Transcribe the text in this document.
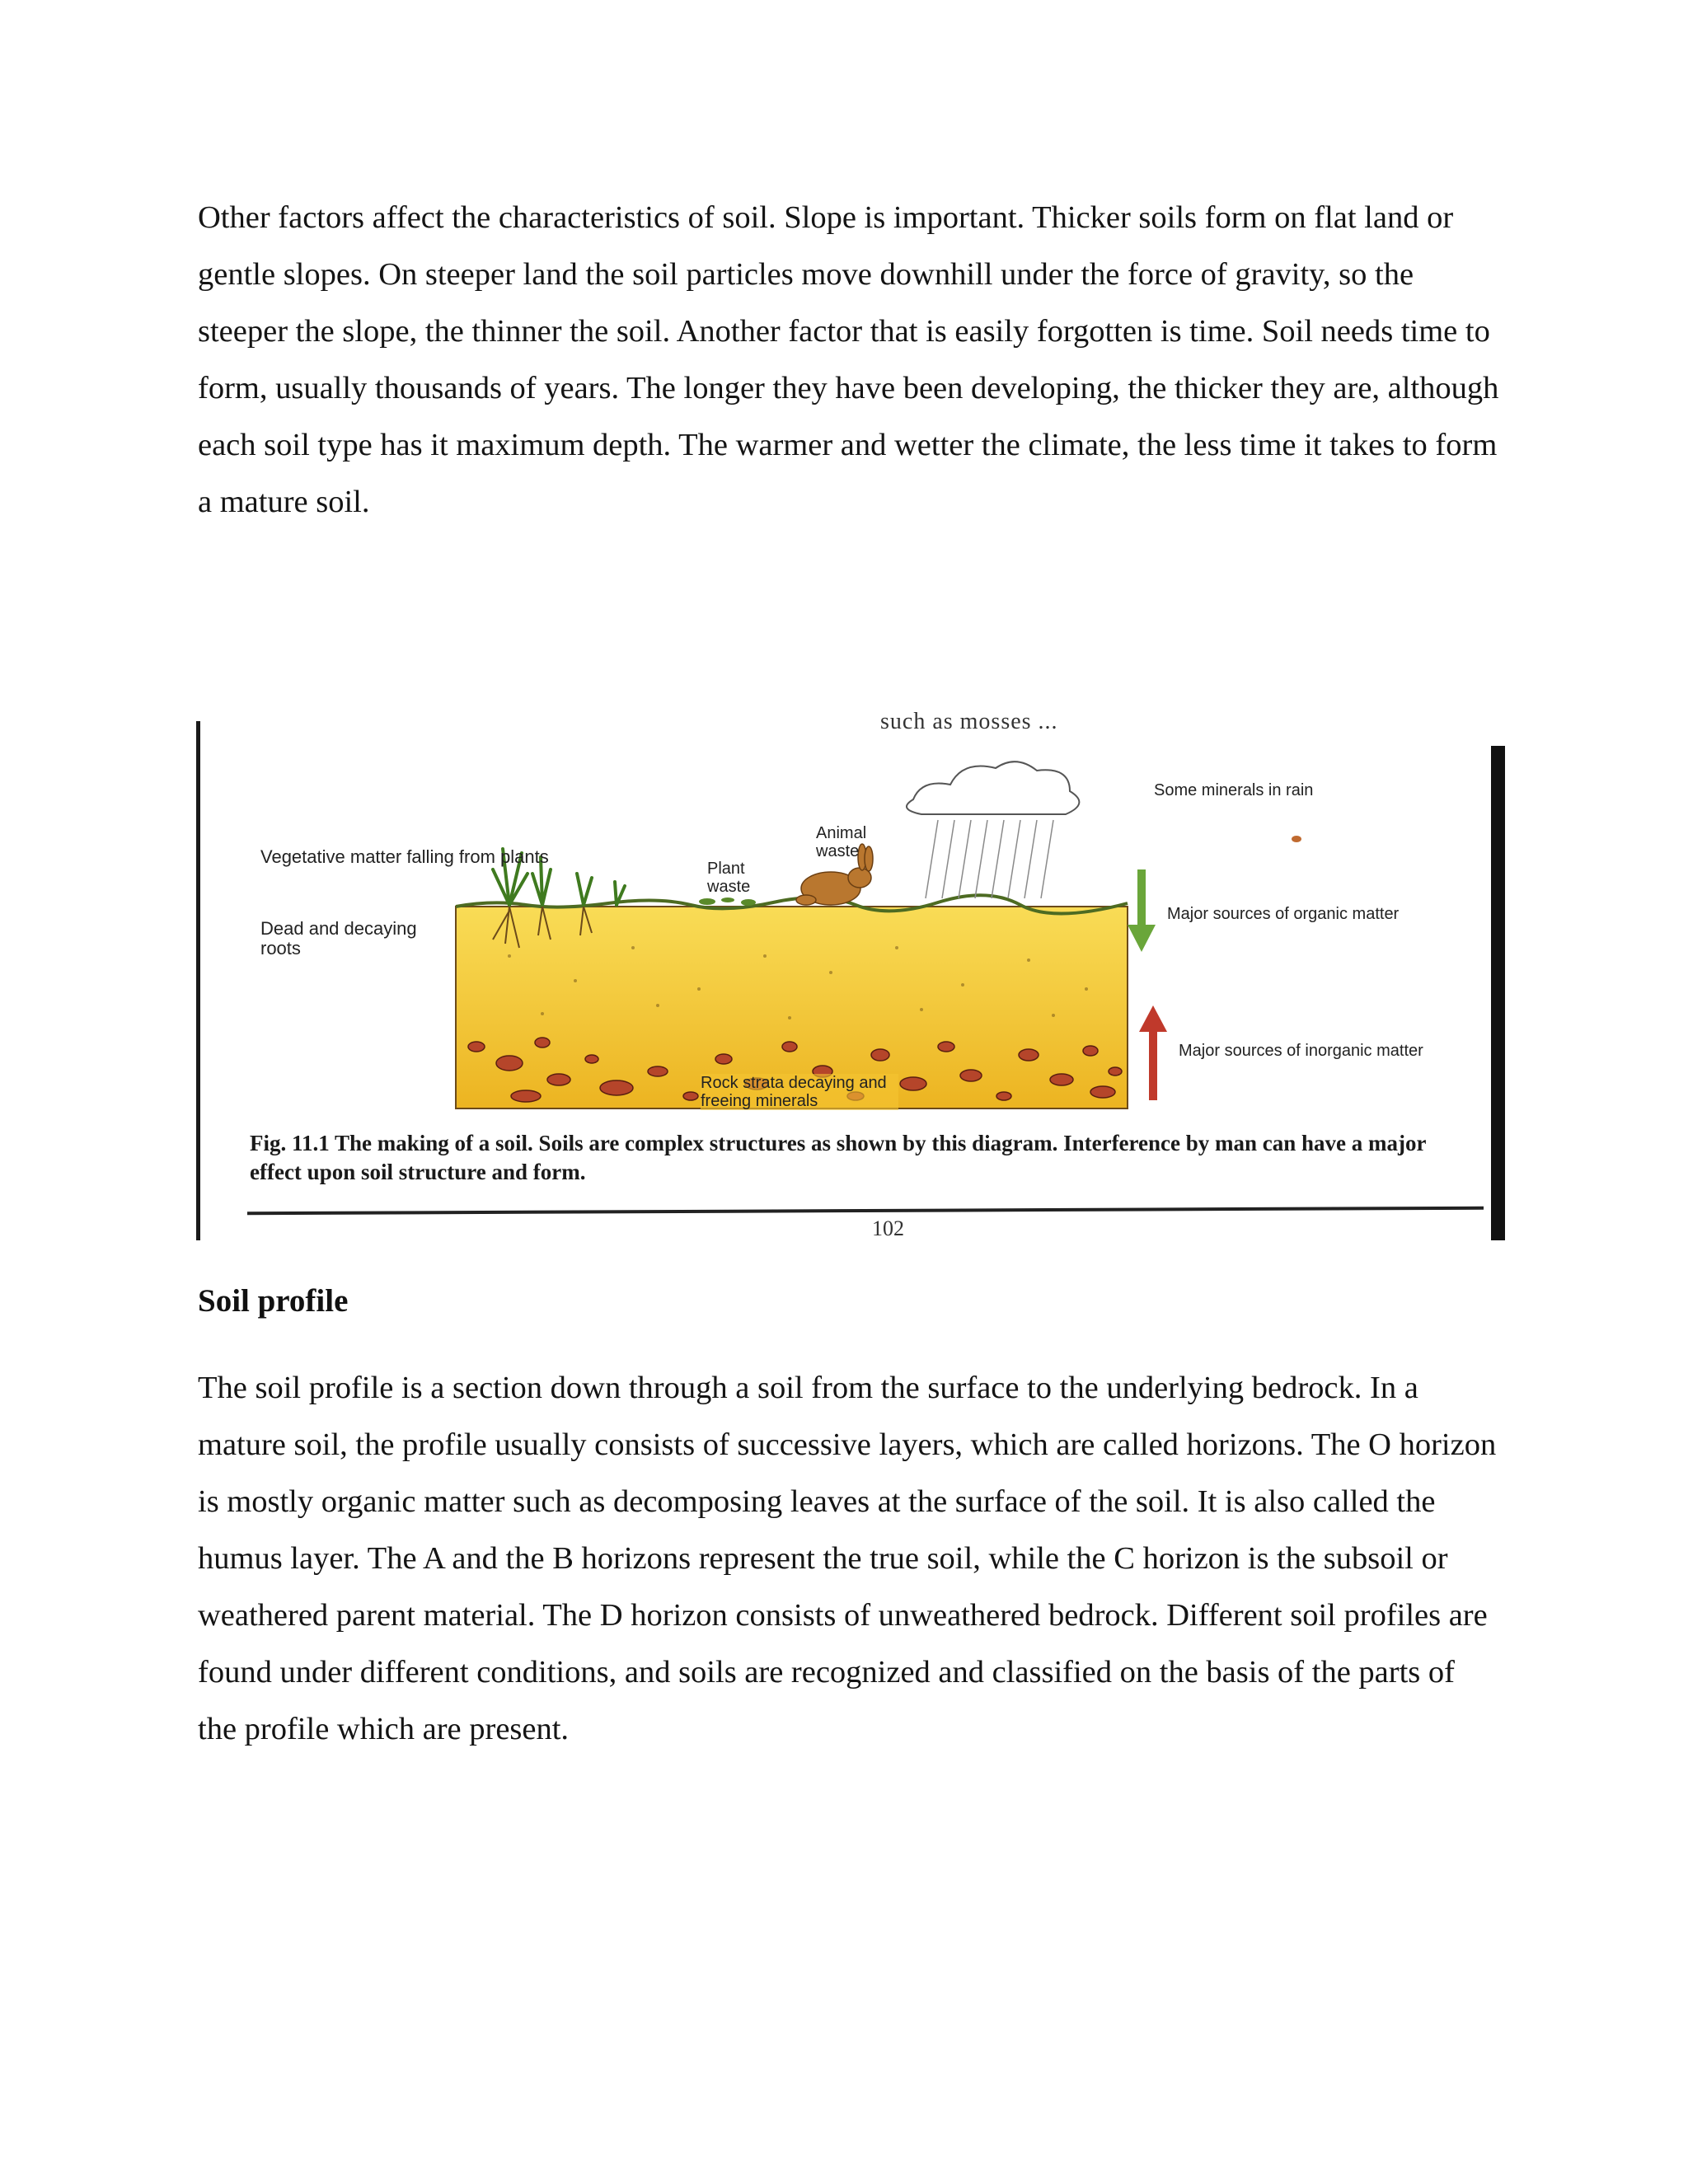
Other factors affect the characteristics of soil. Slope is important. Thicker soils form on flat land or gentle slopes. On steeper land the soil particles move downhill under the force of gravity, so the steeper the slope, the thinner the soil. Another factor that is easily forgotten is time. Soil needs time to form, usually thousands of years. The longer they have been developing, the thicker they are, although each soil type has it maximum depth. The warmer and wetter the climate, the less time it takes to form a mature soil.

such as mosses ...
Vegetative matter falling from plants
Dead and decaying roots
Plant waste
Animal waste
Some minerals in rain
Major sources of organic matter
Major sources of inorganic matter
Rock strata decaying and freeing minerals
Fig. 11.1 The making of a soil. Soils are complex structures as shown by this diagram. Interference by man can have a major effect upon soil structure and form.
102
Soil profile

The soil profile is a section down through a soil from the surface to the underlying bedrock. In a mature soil, the profile usually consists of successive layers, which are called horizons. The O horizon is mostly organic matter such as decomposing leaves at the surface of the soil. It is also called the humus layer. The A and the B horizons represent the true soil, while the C horizon is the subsoil or weathered parent material. The D horizon consists of unweathered bedrock. Different soil profiles are found under different conditions, and soils are recognized and classified on the basis of the parts of the profile which are present.
